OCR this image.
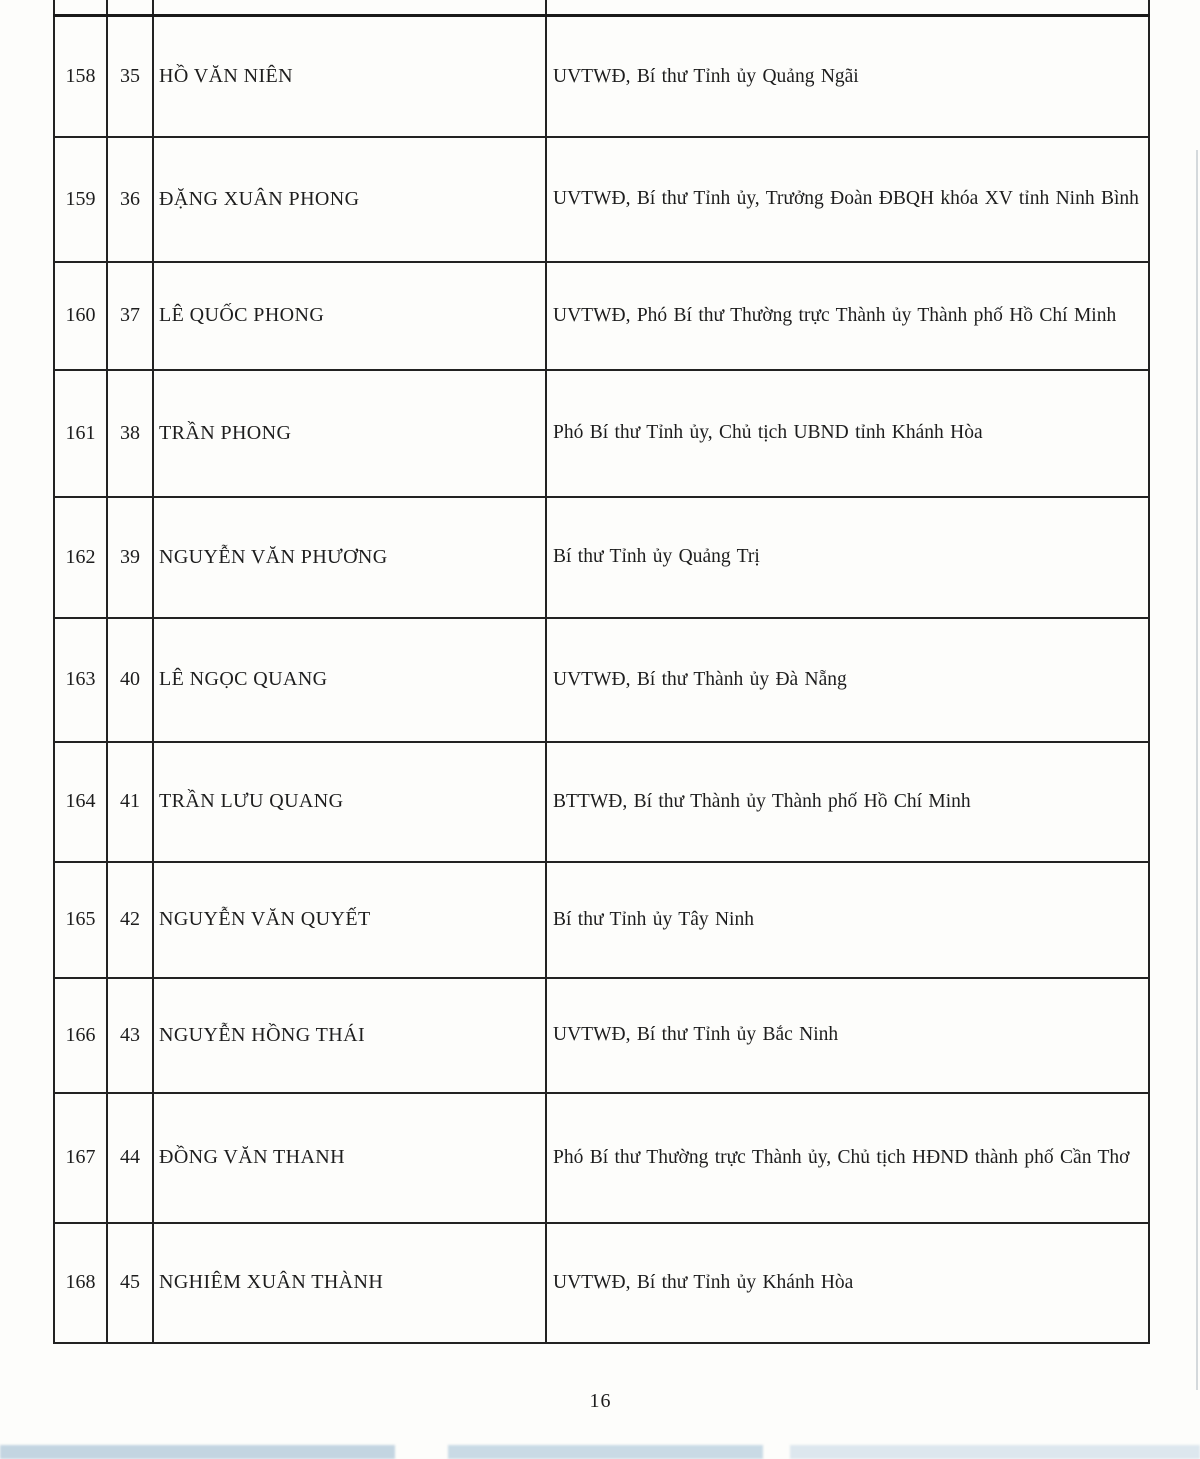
158	35	HỒ VĂN NIÊN	UVTWĐ, Bí thư Tỉnh ủy Quảng Ngãi
159	36	ĐẶNG XUÂN PHONG	UVTWĐ, Bí thư Tỉnh ủy, Trưởng Đoàn ĐBQH khóa XV tỉnh Ninh Bình
160	37	LÊ QUỐC PHONG	UVTWĐ, Phó Bí thư Thường trực Thành ủy Thành phố Hồ Chí Minh
161	38	TRẦN PHONG	Phó Bí thư Tỉnh ủy, Chủ tịch UBND tỉnh Khánh Hòa
162	39	NGUYỄN VĂN PHƯƠNG	Bí thư Tỉnh ủy Quảng Trị
163	40	LÊ NGỌC QUANG	UVTWĐ, Bí thư Thành ủy Đà Nẵng
164	41	TRẦN LƯU QUANG	BTTWĐ, Bí thư Thành ủy Thành phố Hồ Chí Minh
165	42	NGUYỄN VĂN QUYẾT	Bí thư Tỉnh ủy Tây Ninh
166	43	NGUYỄN HỒNG THÁI	UVTWĐ, Bí thư Tỉnh ủy Bắc Ninh
167	44	ĐỒNG VĂN THANH	Phó Bí thư Thường trực Thành ủy, Chủ tịch HĐND thành phố Cần Thơ
168	45	NGHIÊM XUÂN THÀNH	UVTWĐ, Bí thư Tỉnh ủy Khánh Hòa
16
